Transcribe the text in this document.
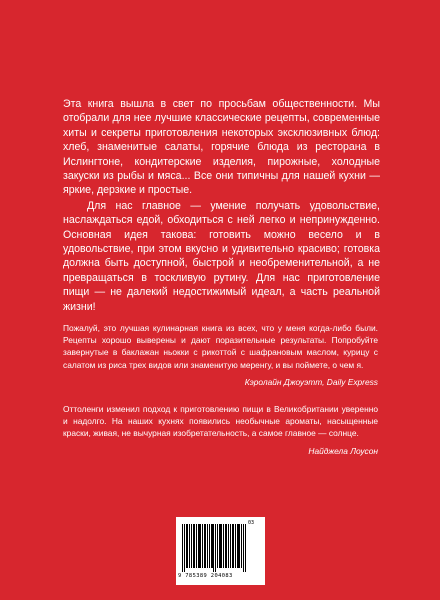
Эта книга вышла в свет по просьбам общественности. Мы отобрали для нее лучшие классические рецепты, современные хиты и секреты приготовления некоторых эксклюзивных блюд: хлеб, знаменитые салаты, горячие блюда из ресторана в Ислингтоне, кондитерские изделия, пирожные, холодные закуски из рыбы и мяса... Все они типичны для нашей кухни — яркие, дерзкие и простые.

Для нас главное — умение получать удовольствие, наслаждаться едой, обходиться с ней легко и непринужденно. Основная идея такова: готовить можно весело и в удовольствие, при этом вкусно и удивительно красиво; готовка должна быть доступной, быстрой и необременительной, а не превращаться в тоскливую рутину. Для нас приготовление пищи — не далекий недостижимый идеал, а часть реальной жизни!

Пожалуй, это лучшая кулинарная книга из всех, что у меня когда-либо были. Рецепты хорошо выверены и дают поразительные результаты. Попробуйте завернутые в баклажан ньокки с рикоттой с шафрановым маслом, курицу с салатом из риса трех видов или знаменитую меренгу, и вы поймете, о чем я.

Кэролайн Джоуэтт, Daily Express

Оттоленги изменил подход к приготовлению пищи в Великобритании уверенно и надолго. На наших кухнях появились необычные ароматы, насыщенные краски, живая, не вычурная изобретательность, а самое главное — солнце.

Найджела Лоусон
03
9 785389 204083
